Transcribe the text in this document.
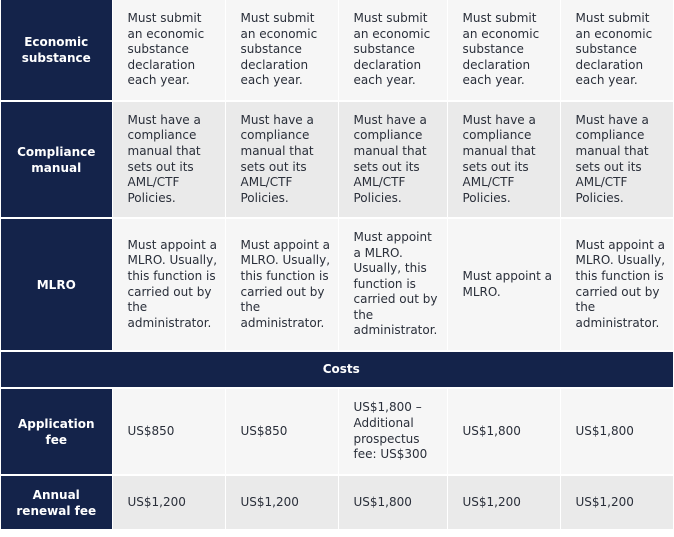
Economic substance	Must submit an economic substance declaration each year.	Must submit an economic substance declaration each year.	Must submit an economic substance declaration each year.	Must submit an economic substance declaration each year.	Must submit an economic substance declaration each year.
Compliance manual	Must have a compliance manual that sets out its AML/CTF Policies.	Must have a compliance manual that sets out its AML/CTF Policies.	Must have a compliance manual that sets out its AML/CTF Policies.	Must have a compliance manual that sets out its AML/CTF Policies.	Must have a compliance manual that sets out its AML/CTF Policies.
MLRO	Must appoint a MLRO. Usually, this function is carried out by the administrator.	Must appoint a MLRO. Usually, this function is carried out by the administrator.	Must appoint a MLRO. Usually, this function is carried out by the administrator.	Must appoint a MLRO.	Must appoint a MLRO. Usually, this function is carried out by the administrator.
Costs					
Application fee	US$850	US$850	US$1,800 – Additional prospectus fee: US$300	US$1,800	US$1,800
Annual renewal fee	US$1,200	US$1,200	US$1,800	US$1,200	US$1,200
